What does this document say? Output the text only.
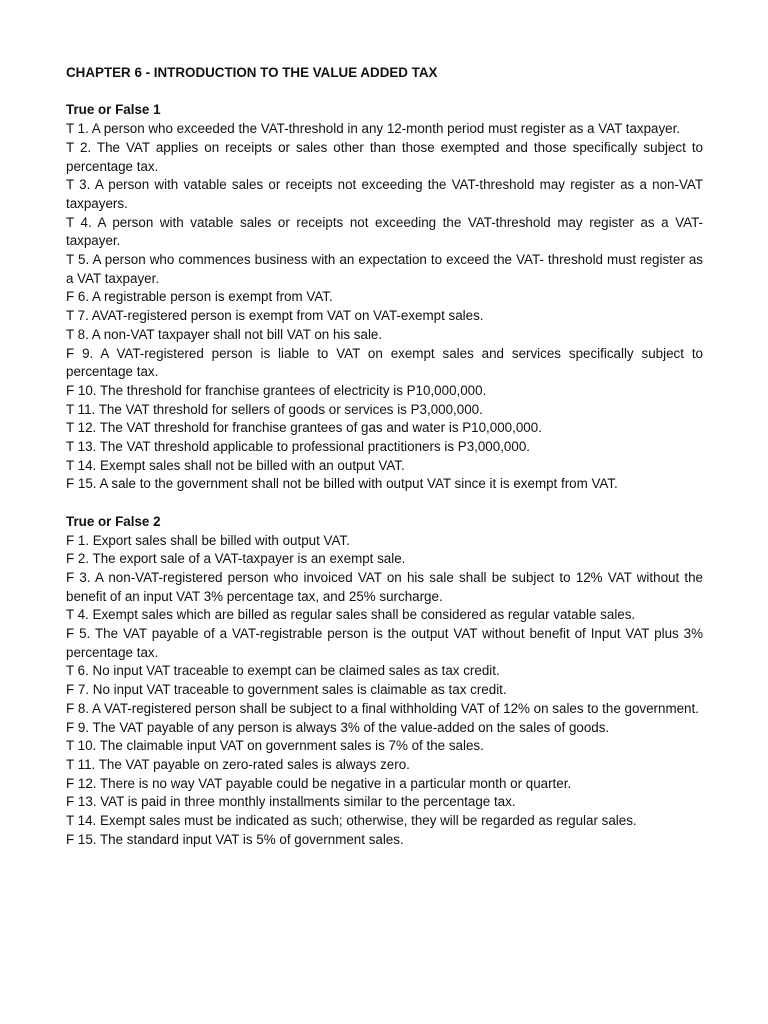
CHAPTER 6 - INTRODUCTION TO THE VALUE ADDED TAX
True or False 1
T 1. A person who exceeded the VAT-threshold in any 12-month period must register as a VAT taxpayer.
T 2. The VAT applies on receipts or sales other than those exempted and those specifically subject to percentage tax.
T 3. A person with vatable sales or receipts not exceeding the VAT-threshold may register as a non-VAT taxpayers.
T 4. A person with vatable sales or receipts not exceeding the VAT-threshold may register as a VAT-taxpayer.
T 5. A person who commences business with an expectation to exceed the VAT- threshold must register as a VAT taxpayer.
F 6. A registrable person is exempt from VAT.
T 7. AVAT-registered person is exempt from VAT on VAT-exempt sales.
T 8. A non-VAT taxpayer shall not bill VAT on his sale.
F 9. A VAT-registered person is liable to VAT on exempt sales and services specifically subject to percentage tax.
F 10. The threshold for franchise grantees of electricity is P10,000,000.
T 11. The VAT threshold for sellers of goods or services is P3,000,000.
T 12. The VAT threshold for franchise grantees of gas and water is P10,000,000.
T 13. The VAT threshold applicable to professional practitioners is P3,000,000.
T 14. Exempt sales shall not be billed with an output VAT.
F 15. A sale to the government shall not be billed with output VAT since it is exempt from VAT.
True or False 2
F 1. Export sales shall be billed with output VAT.
F 2. The export sale of a VAT-taxpayer is an exempt sale.
F 3. A non-VAT-registered person who invoiced VAT on his sale shall be subject to 12% VAT without the benefit of an input VAT 3% percentage tax, and 25% surcharge.
T 4. Exempt sales which are billed as regular sales shall be considered as regular vatable sales.
F 5. The VAT payable of a VAT-registrable person is the output VAT without benefit of Input VAT plus 3% percentage tax.
T 6. No input VAT traceable to exempt can be claimed sales as tax credit.
F 7. No input VAT traceable to government sales is claimable as tax credit.
F 8. A VAT-registered person shall be subject to a final withholding VAT of 12% on sales to the government.
F 9. The VAT payable of any person is always 3% of the value-added on the sales of goods.
T 10. The claimable input VAT on government sales is 7% of the sales.
T 11. The VAT payable on zero-rated sales is always zero.
F 12. There is no way VAT payable could be negative in a particular month or quarter.
F 13. VAT is paid in three monthly installments similar to the percentage tax.
T 14. Exempt sales must be indicated as such; otherwise, they will be regarded as regular sales.
F 15. The standard input VAT is 5% of government sales.
